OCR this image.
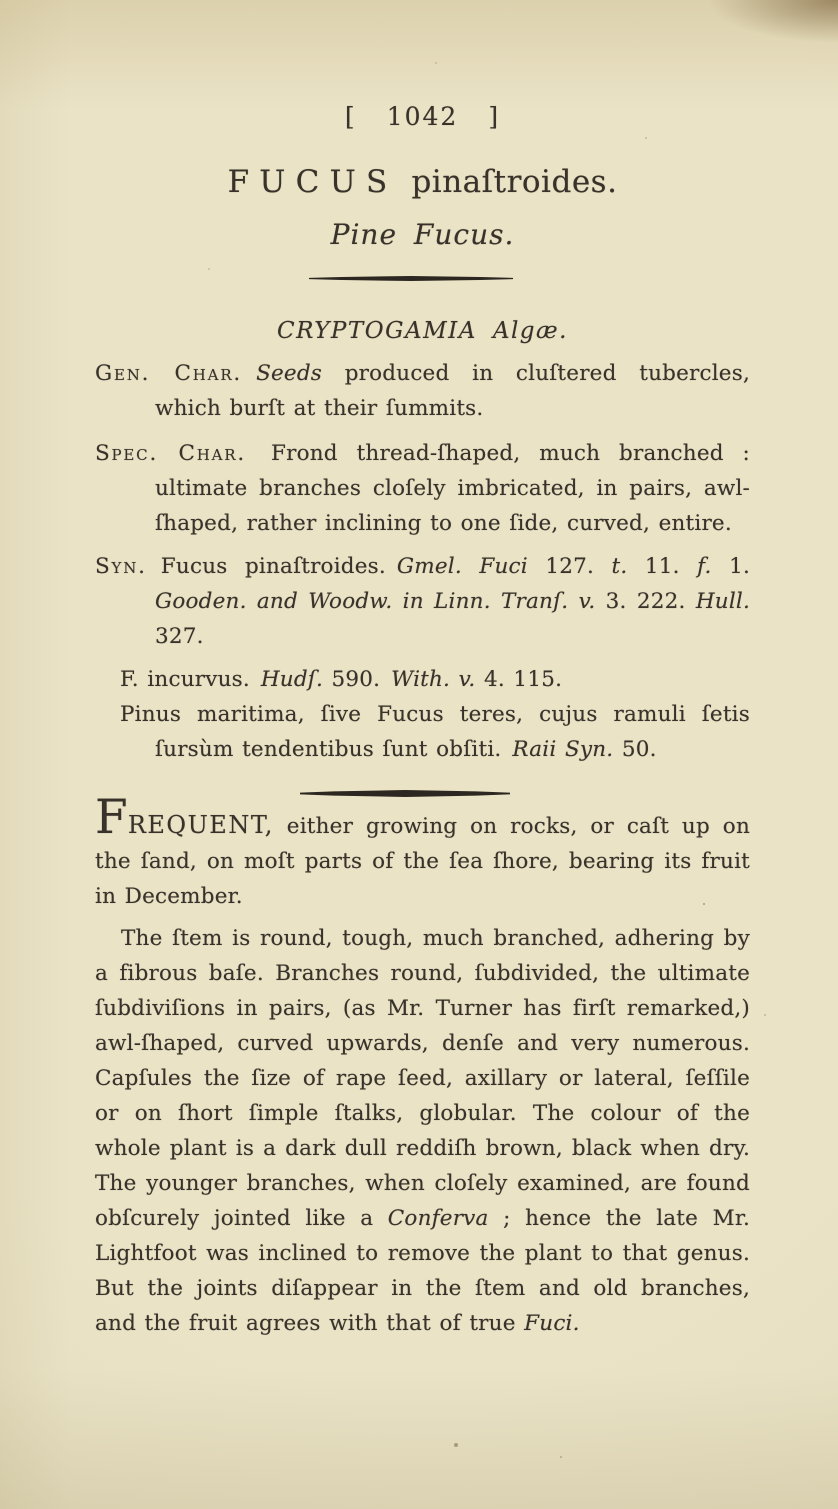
[ 1042 ]
FUCUS pinaſtroides.
Pine Fucus.
CRYPTOGAMIA Algæ.
Gen. Char. Seeds produced in cluſtered tubercles, which burſt at their ſummits.
Spec. Char. Frond thread-ſhaped, much branched : ultimate branches cloſely imbricated, in pairs, awl-ſhaped, rather inclining to one ſide, curved, entire.
Syn. Fucus pinaſtroides. Gmel. Fuci 127. t. 11. f. 1. Gooden. and Woodw. in Linn. Tranſ. v. 3. 222. Hull. 327.
F. incurvus. Hudſ. 590. With. v. 4. 115.
Pinus maritima, ſive Fucus teres, cujus ramuli ſetis ſursùm tendentibus ſunt obſiti. Raii Syn. 50.
FREQUENT, either growing on rocks, or caſt up on the ſand, on moſt parts of the ſea ſhore, bearing its fruit in December.
The ſtem is round, tough, much branched, adhering by a fibrous baſe. Branches round, ſubdivided, the ultimate ſubdiviſions in pairs, (as Mr. Turner has firſt remarked,) awl-ſhaped, curved upwards, denſe and very numerous. Capſules the ſize of rape ſeed, axillary or lateral, ſeſſile or on ſhort ſimple ſtalks, globular. The colour of the whole plant is a dark dull reddiſh brown, black when dry. The younger branches, when cloſely examined, are found obſcurely jointed like a Conferva ; hence the late Mr. Lightfoot was inclined to remove the plant to that genus. But the joints diſappear in the ſtem and old branches, and the fruit agrees with that of true Fuci.
